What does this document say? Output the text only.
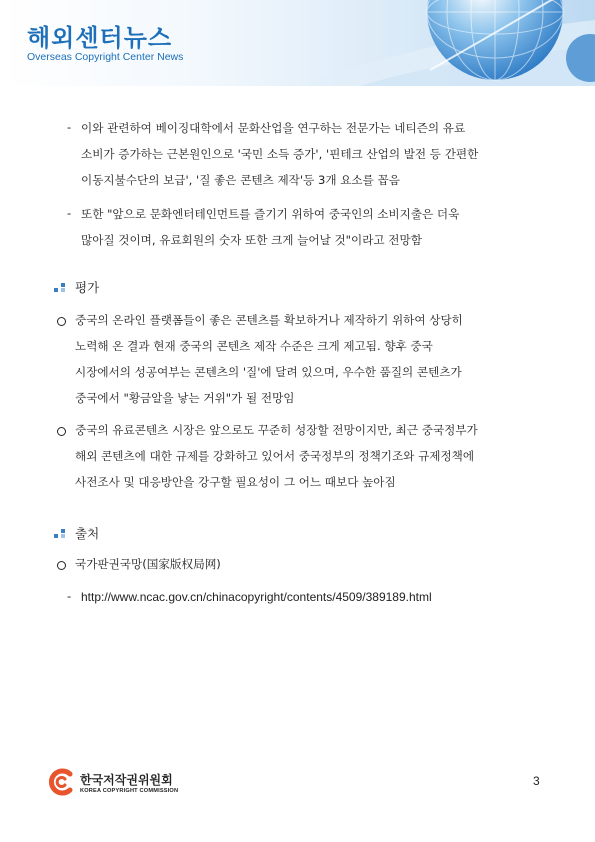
해외센터뉴스
Overseas Copyright Center News
- 이와 관련하여 베이징대학에서 문화산업을 연구하는 전문가는 네티즌의 유료
소비가 증가하는 근본원인으로 '국민 소득 증가', '핀테크 산업의 발전 등 간편한
이동지불수단의 보급', '질 좋은 콘텐츠 제작'등 3개 요소를 꼽음
- 또한 "앞으로 문화엔터테인먼트를 즐기기 위하여 중국인의 소비지출은 더욱
많아질 것이며, 유료회원의 숫자 또한 크게 늘어날 것"이라고 전망함
평가
중국의 온라인 플랫폼들이 좋은 콘텐츠를 확보하거나 제작하기 위하여 상당히
노력해 온 결과 현재 중국의 콘텐츠 제작 수준은 크게 제고됨. 향후 중국
시장에서의 성공여부는 콘텐츠의 '질'에 달려 있으며, 우수한 품질의 콘텐츠가
중국에서 "황금알을 낳는 거위"가 될 전망임
중국의 유료콘텐츠 시장은 앞으로도 꾸준히 성장할 전망이지만, 최근 중국정부가
해외 콘텐츠에 대한 규제를 강화하고 있어서 중국정부의 정책기조와 규제정책에
사전조사 및 대응방안을 강구할 필요성이 그 어느 때보다 높아짐
출처
국가판권국망(国家版权局网)
- http://www.ncac.gov.cn/chinacopyright/contents/4509/389189.html
한국저작권위원회
KOREA COPYRIGHT COMMISSION
3
